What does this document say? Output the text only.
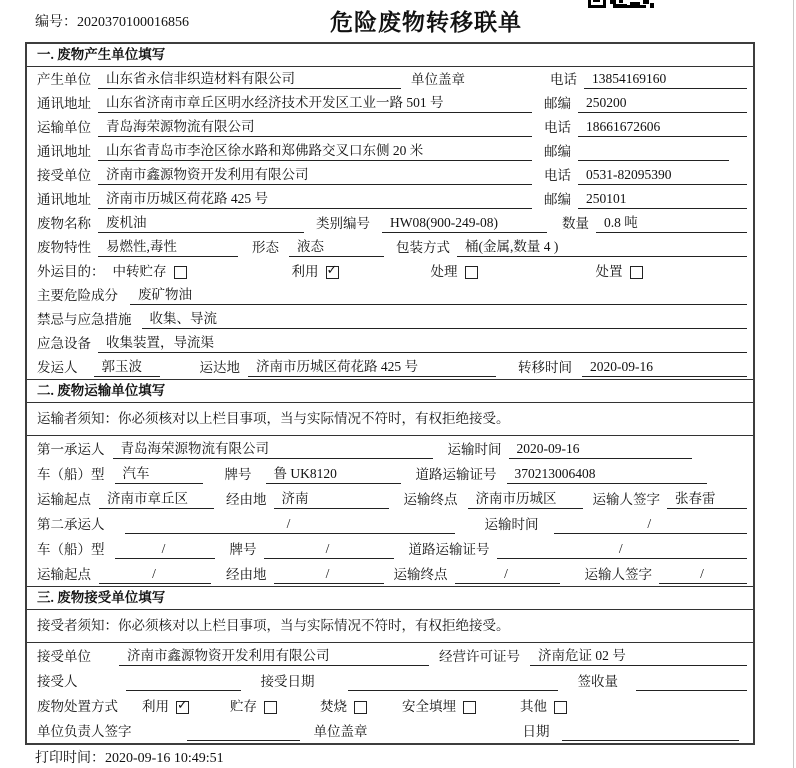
编号：2020370100016856	危险废物转移联单
一. 废物产生单位填写
产生单位	山东省永信非织造材料有限公司	单位盖章	电话	13854169160
通讯地址	山东省济南市章丘区明水经济技术开发区工业一路 501 号	邮编	250200
运输单位	青岛海荣源物流有限公司	电话	18661672606
通讯地址	山东省青岛市李沧区徐水路和郑佛路交叉口东侧 20 米	邮编
接受单位	济南市鑫源物资开发利用有限公司	电话	0531-82095390
通讯地址	济南市历城区荷花路 425 号	邮编	250101
废物名称	废机油	类别编号	HW08(900-249-08)	数量	0.8 吨
废物特性	易燃性,毒性	形态	液态	包装方式	桶(金属,数量 4 )
外运目的： 中转贮存	利用 ✓	处理	处置
主要危险成分	废矿物油
禁忌与应急措施	收集、导流
应急设备	收集装置，导流渠
发运人	郭玉波	运达地	济南市历城区荷花路 425 号	转移时间	2020-09-16
二. 废物运输单位填写
运输者须知：你必须核对以上栏目事项，当与实际情况不符时，有权拒绝接受。
第一承运人	青岛海荣源物流有限公司	运输时间	2020-09-16
车（船）型	汽车	牌号	鲁 UK8120	道路运输证号	370213006408
运输起点	济南市章丘区	经由地	济南	运输终点	济南市历城区	运输人签字	张春雷
第二承运人	/	运输时间	/
车（船）型	/	牌号	/	道路运输证号	/
运输起点	/	经由地	/	运输终点	/	运输人签字	/
三. 废物接受单位填写
接受者须知：你必须核对以上栏目事项，当与实际情况不符时，有权拒绝接受。
接受单位	济南市鑫源物资开发利用有限公司	经营许可证号	济南危证 02 号
接受人	接受日期	签收量
废物处置方式 利用 ✓	贮存	焚烧	安全填埋	其他
单位负责人签字	单位盖章	日期
打印时间：2020-09-16 10:49:51
